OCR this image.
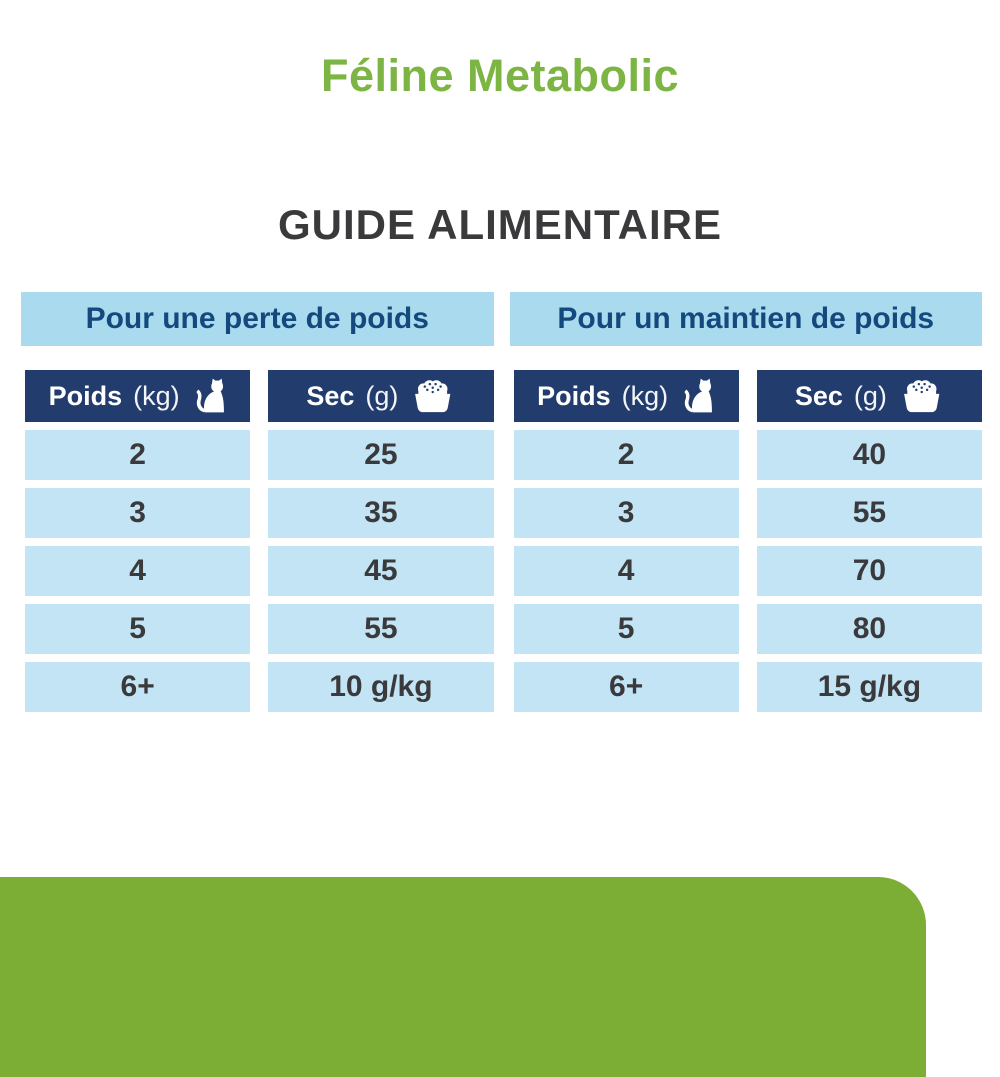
Féline Metabolic
GUIDE ALIMENTAIRE
Pour une perte de poids
Poids (kg)
2
3
4
5
6+
Sec (g)
25
35
45
55
10 g/kg
Pour un maintien de poids
Poids (kg)
2
3
4
5
6+
Sec (g)
40
55
70
80
15 g/kg
